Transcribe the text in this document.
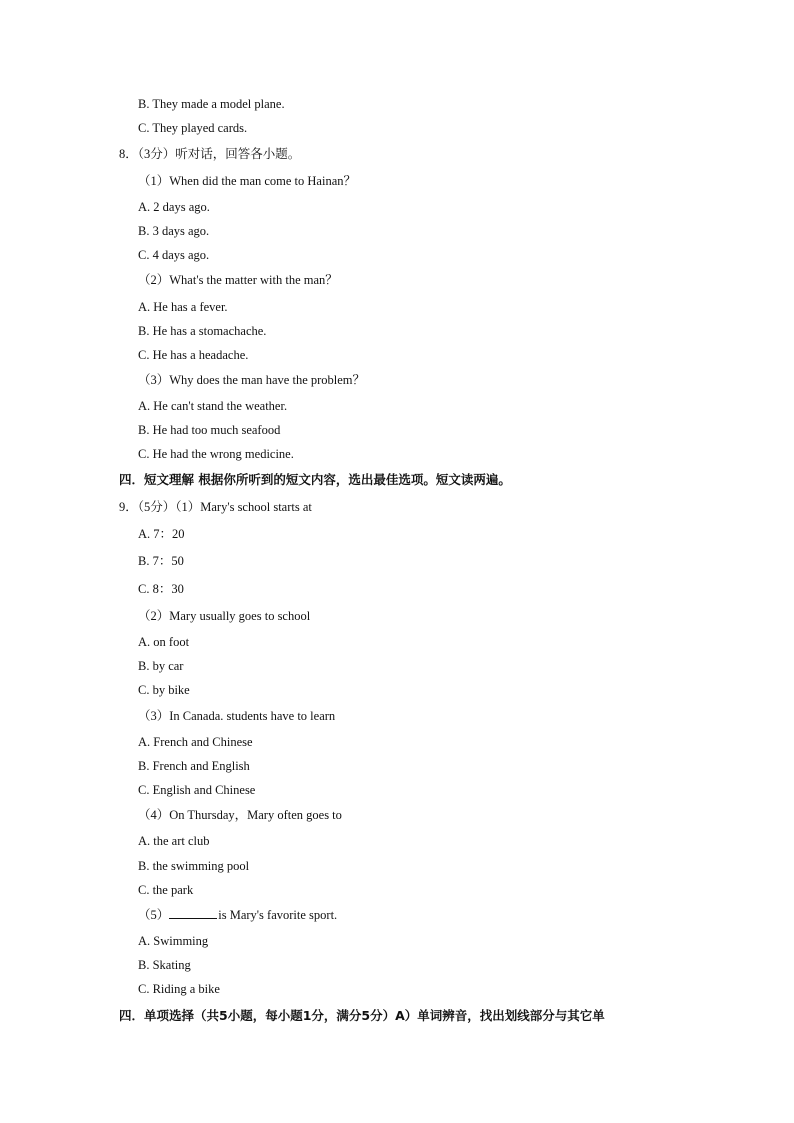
B. They made a model plane.
C. They played cards.
8．（3分）听对话，回答各小题。
（1）When did the man come to Hainan？
A. 2 days ago.
B. 3 days ago.
C. 4 days ago.
（2）What's the matter with the man？
A. He has a fever.
B. He has a stomachache.
C. He has a headache.
（3）Why does the man have the problem？
A. He can't stand the weather.
B. He had too much seafood
C. He had the wrong medicine.
四．短文理解 根据你所听到的短文内容，选出最佳选项。短文读两遍。
9．（5分）（1）Mary's school starts at
A. 7：20
B. 7：50
C. 8：30
（2）Mary usually goes to school
A. on foot
B. by car
C. by bike
（3）In Canada. students have to learn
A. French and Chinese
B. French and English
C. English and Chinese
（4）On Thursday，Mary often goes to
A. the art club
B. the swimming pool
C. the park
（5）	is Mary's favorite sport.
A. Swimming
B. Skating
C. Riding a bike
四．单项选择（共5小题，每小题1分，满分5分）A）单词辨音，找出划线部分与其它单
